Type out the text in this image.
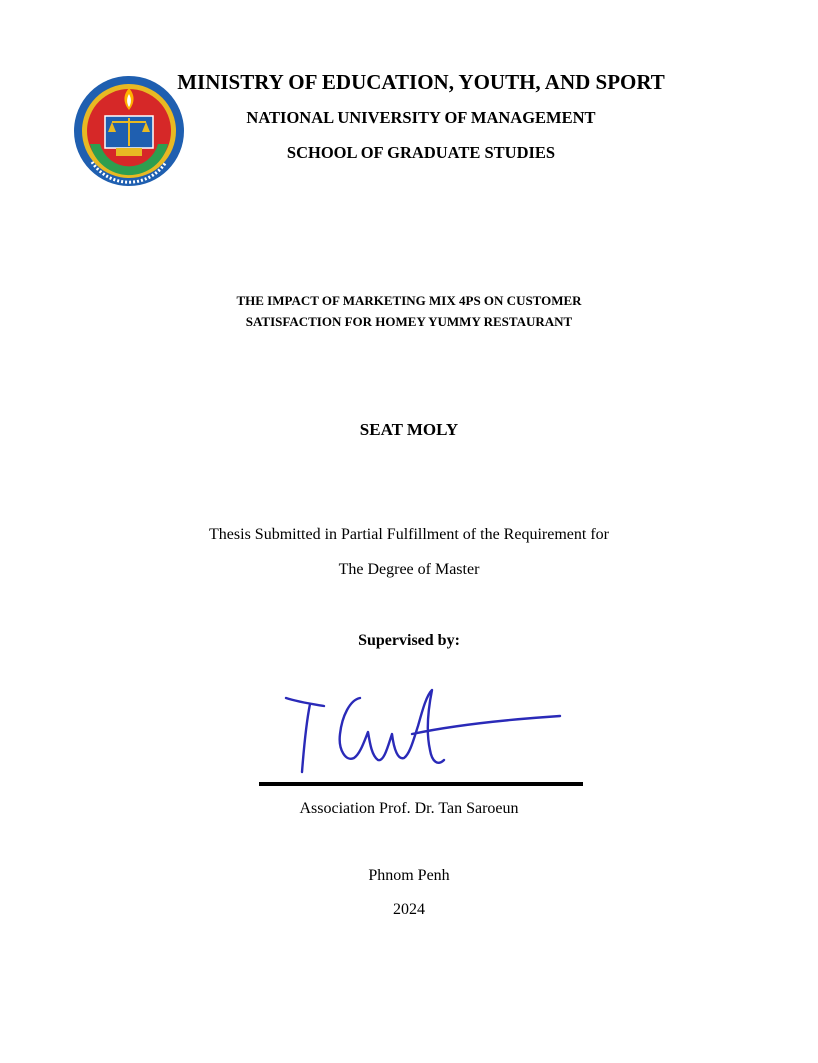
MINISTRY OF EDUCATION, YOUTH, AND SPORT
NATIONAL UNIVERSITY OF MANAGEMENT
SCHOOL OF GRADUATE STUDIES
THE IMPACT OF MARKETING MIX 4PS ON CUSTOMER
SATISFACTION FOR HOMEY YUMMY RESTAURANT
SEAT MOLY
Thesis Submitted in Partial Fulfillment of the Requirement for
The Degree of Master
Supervised by:
Association Prof. Dr. Tan Saroeun
Phnom Penh
2024
